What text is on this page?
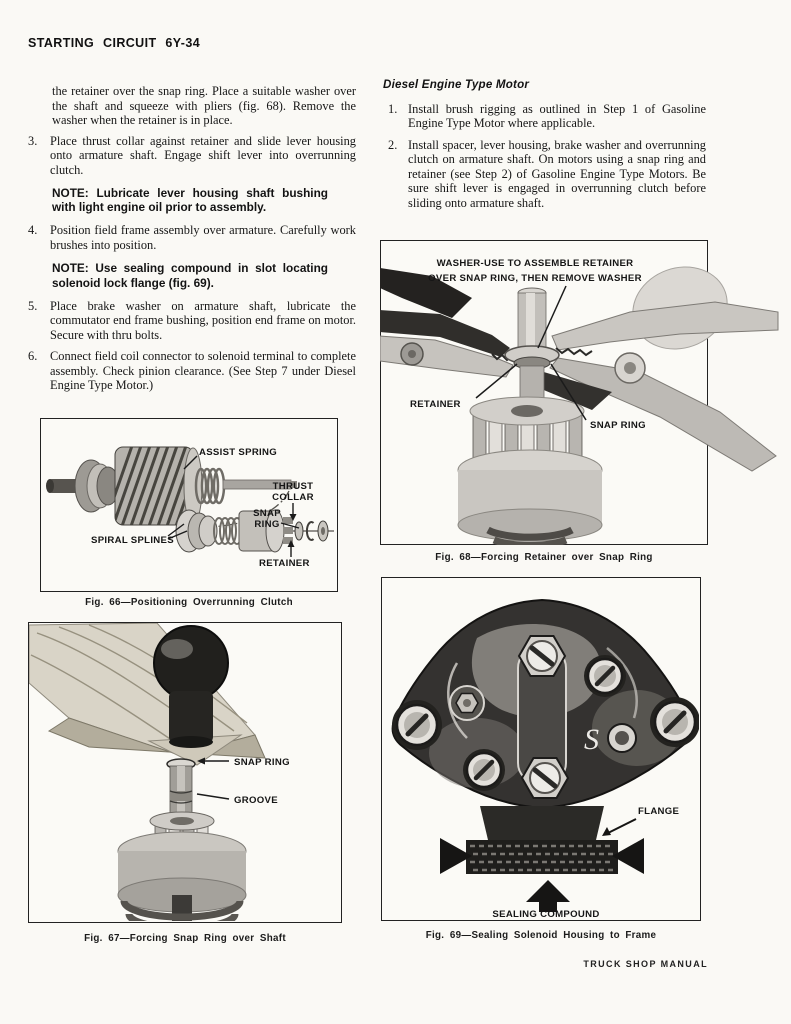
STARTING CIRCUIT 6Y-34
the retainer over the snap ring. Place a suitable washer over the shaft and squeeze with pliers (fig. 68). Remove the washer when the retainer is in place.
3.	Place thrust collar against retainer and slide lever housing onto armature shaft. Engage shift lever into overrunning clutch.
NOTE: Lubricate lever housing shaft bushing with light engine oil prior to assembly.
4.	Position field frame assembly over armature. Carefully work brushes into position.
NOTE: Use sealing compound in slot locating solenoid lock flange (fig. 69).
5.	Place brake washer on armature shaft, lubricate the commutator end frame bushing, position end frame on motor. Secure with thru bolts.
6.	Connect field coil connector to solenoid terminal to complete assembly. Check pinion clearance. (See Step 7 under Diesel Engine Type Motor.)
Diesel Engine Type Motor
1. Install brush rigging as outlined in Step 1 of Gasoline Engine Type Motor where applicable.
2. Install spacer, lever housing, brake washer and overrunning clutch on armature shaft. On motors using a snap ring and retainer (see Step 2) of Gasoline Engine Type Motors. Be sure shift lever is engaged in overrunning clutch before sliding onto armature shaft.
ASSIST SPRING
THRUST
COLLAR
SNAP
RING
SPIRAL SPLINES
RETAINER
Fig. 66—Positioning Overrunning Clutch
SNAP RING
GROOVE
Fig. 67—Forcing Snap Ring over Shaft
WASHER-USE TO ASSEMBLE RETAINER
OVER SNAP RING, THEN REMOVE WASHER
RETAINER
SNAP RING
Fig. 68—Forcing Retainer over Snap Ring
S
FLANGE
SEALING COMPOUND
Fig. 69—Sealing Solenoid Housing to Frame
TRUCK SHOP MANUAL
